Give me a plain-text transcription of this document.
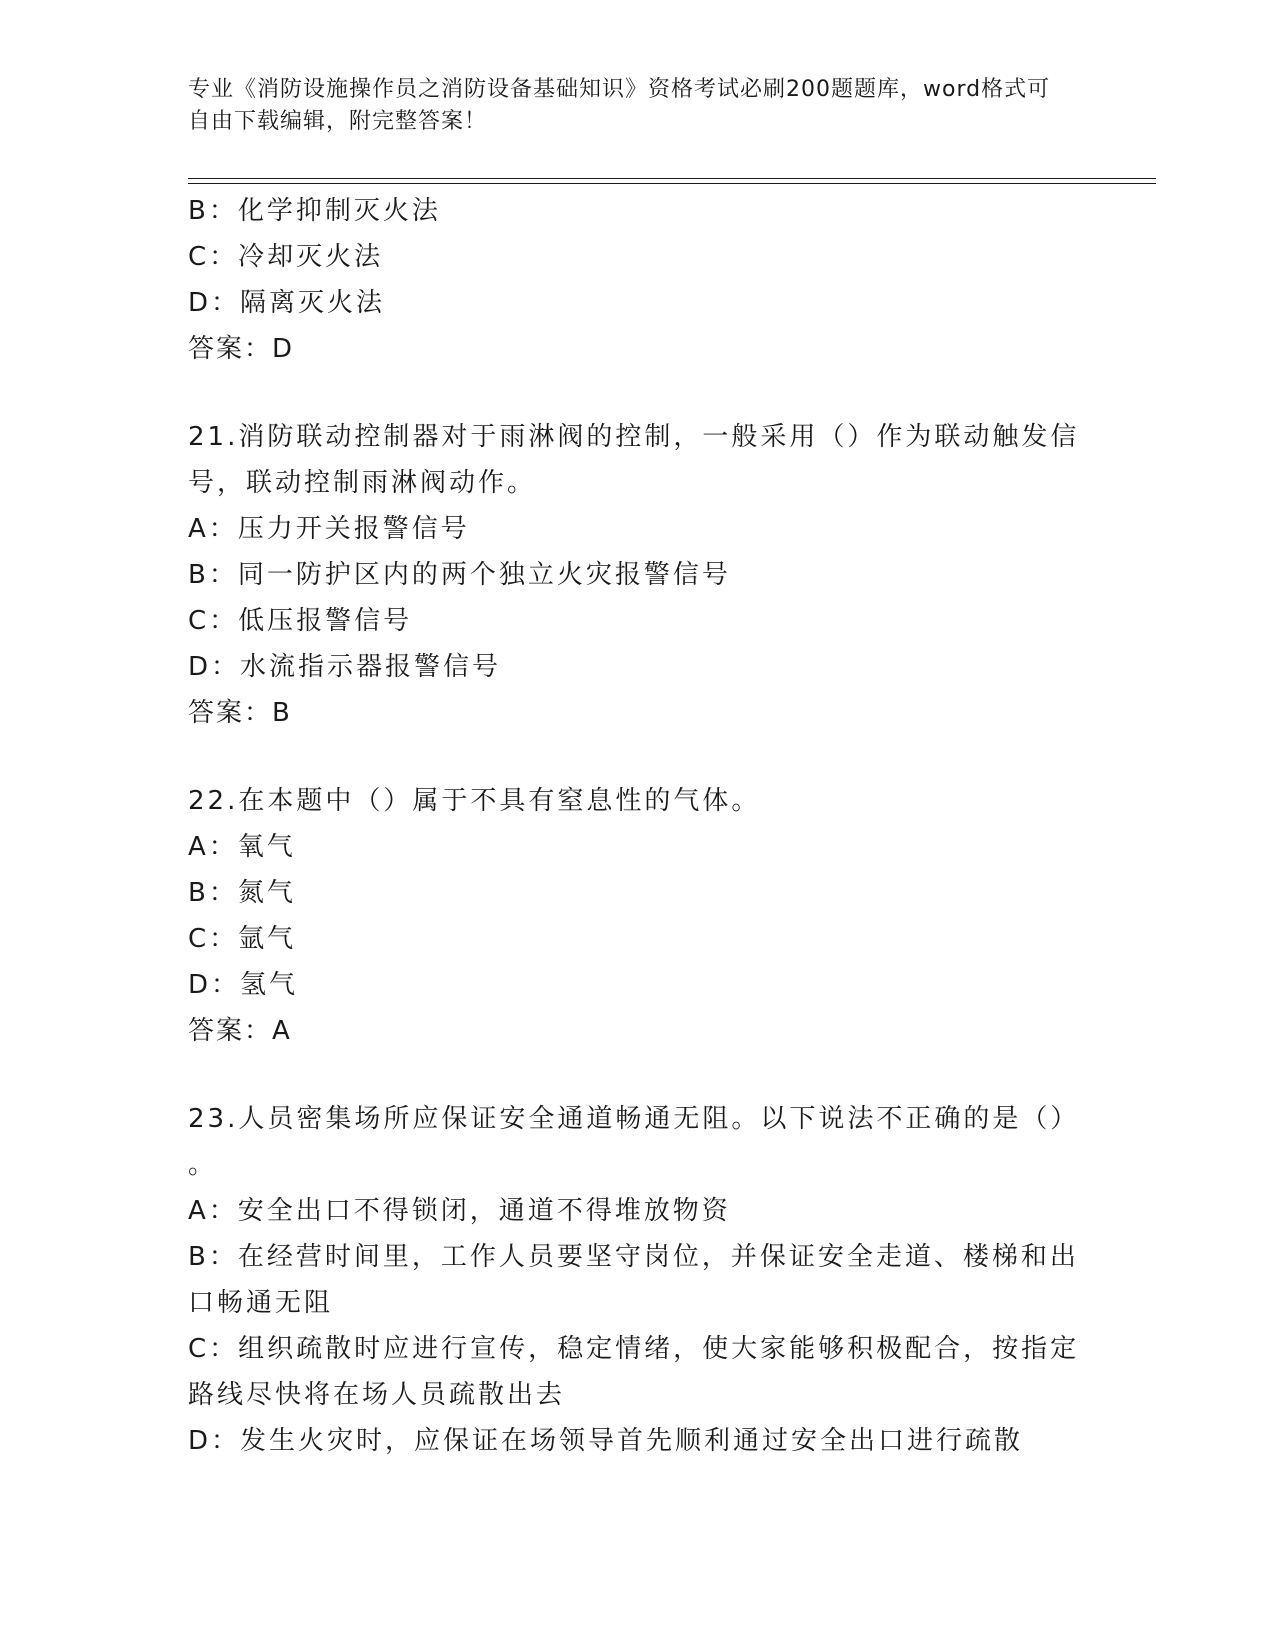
专业《消防设施操作员之消防设备基础知识》资格考试必刷200题题库，word格式可自由下载编辑，附完整答案！
B：化学抑制灭火法
C：冷却灭火法
D：隔离灭火法
答案：D
21.消防联动控制器对于雨淋阀的控制，一般采用（）作为联动触发信
号，联动控制雨淋阀动作。
A：压力开关报警信号
B：同一防护区内的两个独立火灾报警信号
C：低压报警信号
D：水流指示器报警信号
答案：B
22.在本题中（）属于不具有窒息性的气体。
A：氧气
B：氮气
C：氩气
D：氢气
答案：A
23.人员密集场所应保证安全通道畅通无阻。以下说法不正确的是（）
。
A：安全出口不得锁闭，通道不得堆放物资
B：在经营时间里，工作人员要坚守岗位，并保证安全走道、楼梯和出
口畅通无阻
C：组织疏散时应进行宣传，稳定情绪，使大家能够积极配合，按指定
路线尽快将在场人员疏散出去
D：发生火灾时，应保证在场领导首先顺利通过安全出口进行疏散
